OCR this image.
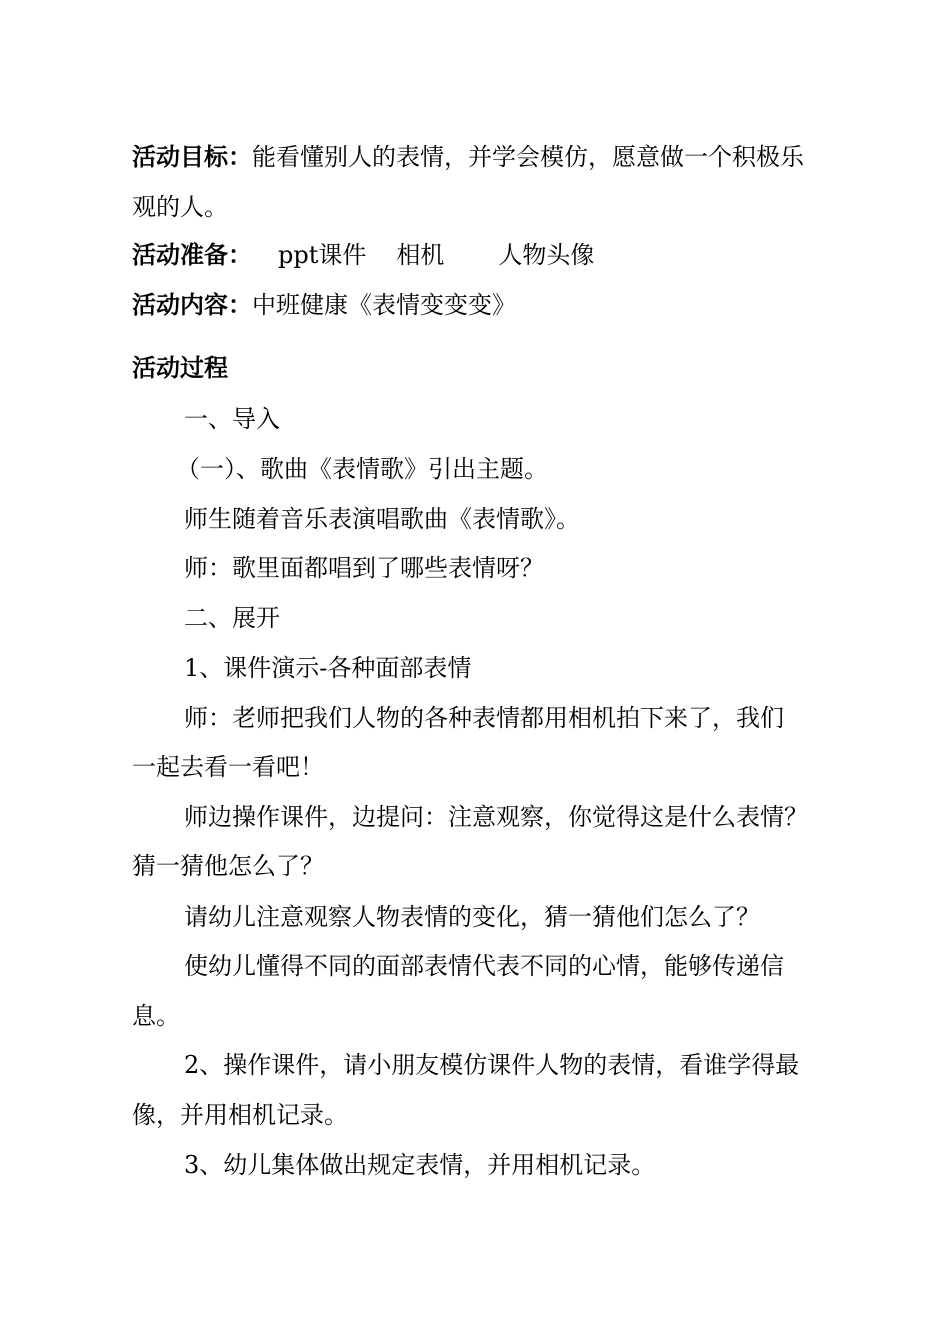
活动目标：能看懂别人的表情，并学会模仿，愿意做一个积极乐
观的人。
活动准备： ppt课件 相机 人物头像
活动内容：中班健康《表情变变变》
活动过程
一、导入
（一）、歌曲《表情歌》引出主题。
师生随着音乐表演唱歌曲《表情歌》。
师：歌里面都唱到了哪些表情呀？
二、展开
1、课件演示-各种面部表情
师：老师把我们人物的各种表情都用相机拍下来了，我们
一起去看一看吧！
师边操作课件，边提问：注意观察，你觉得这是什么表情？
猜一猜他怎么了？
请幼儿注意观察人物表情的变化，猜一猜他们怎么了？
使幼儿懂得不同的面部表情代表不同的心情，能够传递信
息。
2、操作课件，请小朋友模仿课件人物的表情，看谁学得最
像，并用相机记录。
3、幼儿集体做出规定表情，并用相机记录。
